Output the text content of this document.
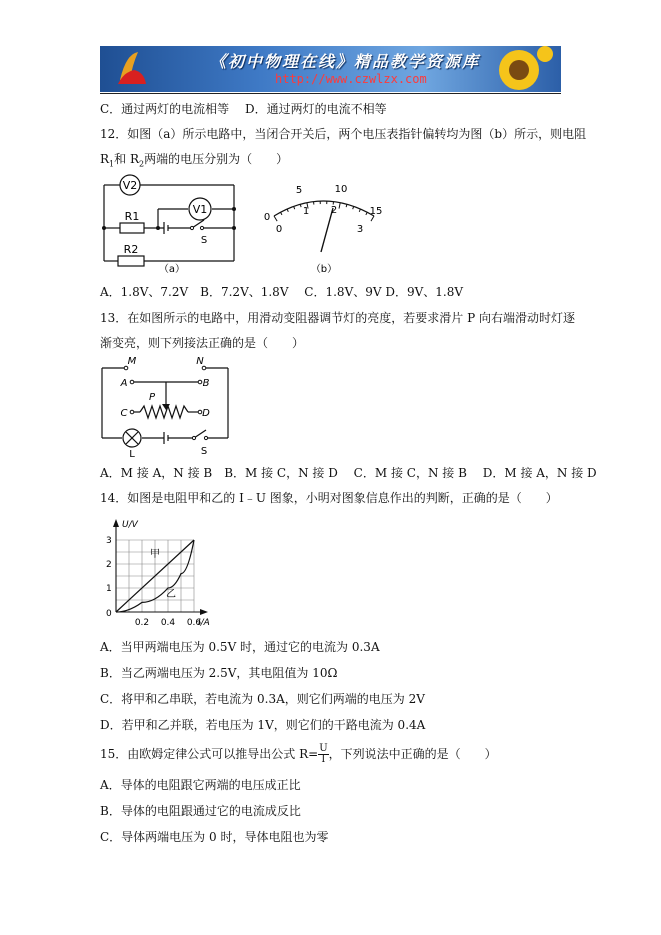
《初中物理在线》精品教学资源库
http://www.czwlzx.com
C．通过两灯的电流相等　 D．通过两灯的电流不相等
12．如图（a）所示电路中，当闭合开关后，两个电压表指针偏转均为图（b）所示，则电阻
$R_1$和 $R_2$两端的电压分别为（　　）
V2
V1
R1
R2
S
（a）
0
5	10
15
0
1 2
3
（b）
A．1.8V、7.2V　B．7.2V、1.8V　 C．1.8V、9V D．9V、1.8V
13．在如图所示的电路中，用滑动变阻器调节灯的亮度，若要求滑片 P 向右端滑动时灯逐
渐变亮，则下列接法正确的是（　　）
M	N
A	B
C	D
P
L	S
A．M 接 A，N 接 B　B．M 接 C，N 接 D　 C．M 接 C，N 接 B　 D．M 接 A，N 接 D
14．如图是电阻甲和乙的 I﹣U 图象，小明对图象信息作出的判断，正确的是（　　）
U/V
I/A
0
3
2
1
0.2 0.4 0.6
甲
乙
A．当甲两端电压为 0.5V 时，通过它的电流为 0.3A
B．当乙两端电压为 2.5V，其电阻值为 10Ω
C．将甲和乙串联，若电流为 0.3A，则它们两端的电压为 2V
D．若甲和乙并联，若电压为 1V，则它们的干路电流为 0.4A
15．由欧姆定律公式可以推导出公式 $R= \frac{U}{I}$ ，下列说法中正确的是（　　）
A．导体的电阻跟它两端的电压成正比
B．导体的电阻跟通过它的电流成反比
C．导体两端电压为 0 时，导体电阻也为零
